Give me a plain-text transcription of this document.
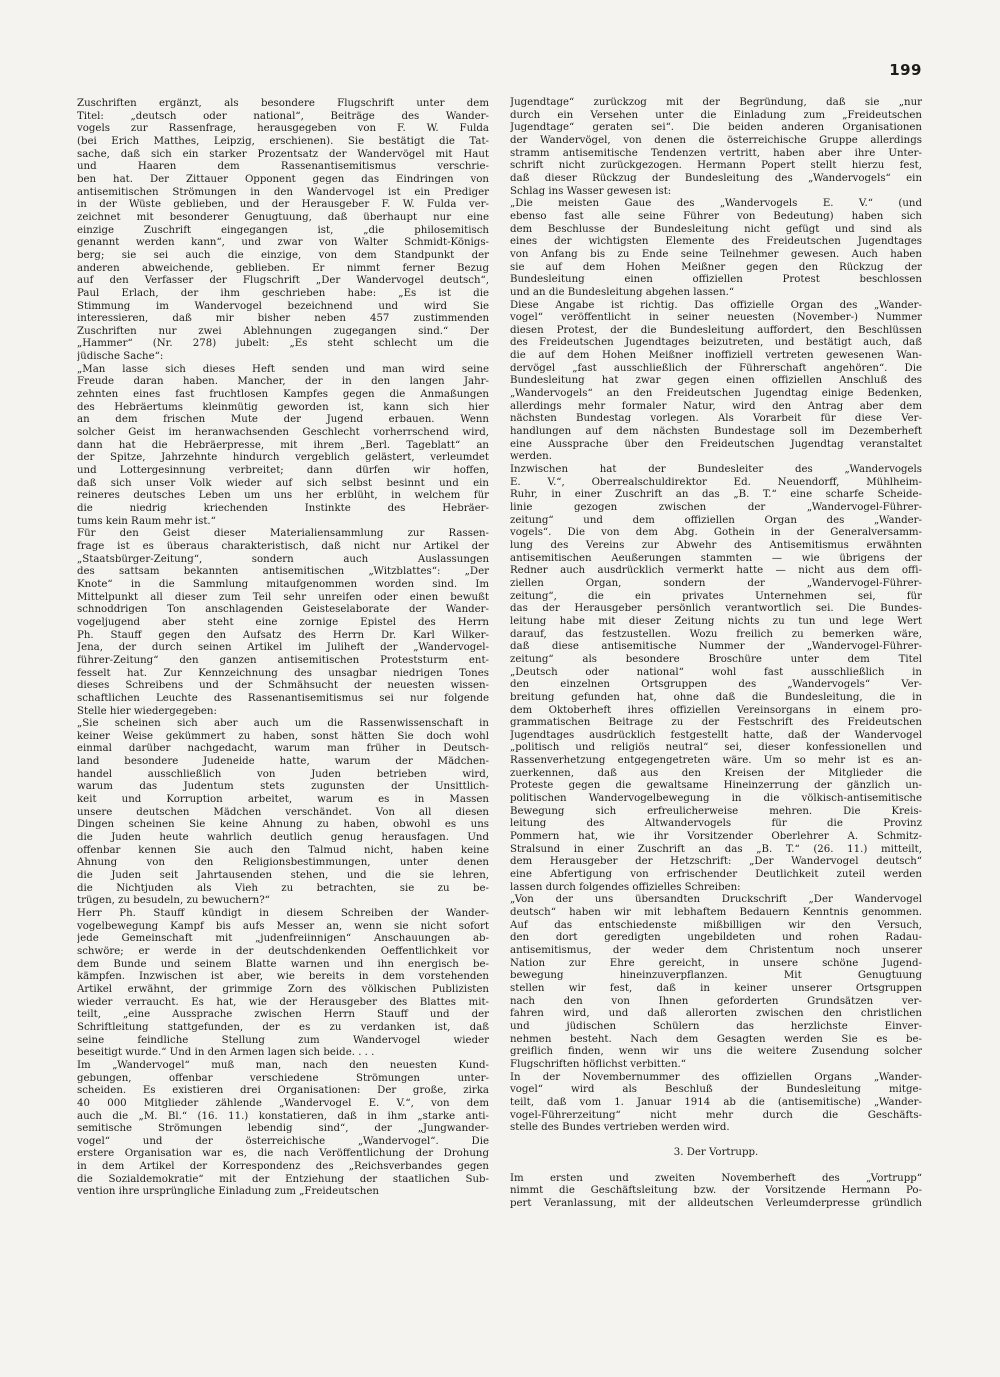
199
Zuschriften ergänzt, als besondere Flugschrift unter dem
Titel: „deutsch oder national“, Beiträge des Wander-
vogels zur Rassenfrage, herausgegeben von F. W. Fulda
(bei Erich Matthes, Leipzig, erschienen). Sie bestätigt die Tat-
sache, daß sich ein starker Prozentsatz der Wandervögel mit Haut
und Haaren dem Rassenantisemitismus verschrie-
ben hat. Der Zittauer Opponent gegen das Eindringen von
antisemitischen Strömungen in den Wandervogel ist ein Prediger
in der Wüste geblieben, und der Herausgeber F. W. Fulda ver-
zeichnet mit besonderer Genugtuung, daß überhaupt nur eine
einzige Zuschrift eingegangen ist, „die philosemitisch
genannt werden kann“, und zwar von Walter Schmidt-Königs-
berg; sie sei auch die einzige, von dem Standpunkt der
anderen abweichende, geblieben. Er nimmt ferner Bezug
auf den Verfasser der Flugschrift „Der Wandervogel deutsch“,
Paul Erlach, der ihm geschrieben habe: „Es ist die
Stimmung im Wandervogel bezeichnend und wird Sie
interessieren, daß mir bisher neben 457 zustimmenden
Zuschriften nur zwei Ablehnungen zugegangen sind.“ Der
„Hammer“ (Nr. 278) jubelt: „Es steht schlecht um die
jüdische Sache“:
„Man lasse sich dieses Heft senden und man wird seine
Freude daran haben. Mancher, der in den langen Jahr-
zehnten eines fast fruchtlosen Kampfes gegen die Anmaßungen
des Hebräertums kleinmütig geworden ist, kann sich hier
an dem frischen Mute der Jugend erbauen. Wenn
solcher Geist im heranwachsenden Geschlecht vorherrschend wird,
dann hat die Hebräerpresse, mit ihrem „Berl. Tageblatt“ an
der Spitze, Jahrzehnte hindurch vergeblich gelästert, verleumdet
und Lottergesinnung verbreitet; dann dürfen wir hoffen,
daß sich unser Volk wieder auf sich selbst besinnt und ein
reineres deutsches Leben um uns her erblüht, in welchem für
die niedrig kriechenden Instinkte des Hebräer-
tums kein Raum mehr ist.“
Für den Geist dieser Materialiensammlung zur Rassen-
frage ist es überaus charakteristisch, daß nicht nur Artikel der
„Staatsbürger-Zeitung“, sondern auch Auslassungen
des sattsam bekannten antisemitischen „Witzblattes“: „Der
Knote“ in die Sammlung mitaufgenommen worden sind. Im
Mittelpunkt all dieser zum Teil sehr unreifen oder einen bewußt
schnoddrigen Ton anschlagenden Geisteselaborate der Wander-
vogeljugend aber steht eine zornige Epistel des Herrn
Ph. Stauff gegen den Aufsatz des Herrn Dr. Karl Wilker-
Jena, der durch seinen Artikel im Juliheft der „Wandervogel-
führer-Zeitung“ den ganzen antisemitischen Proteststurm ent-
fesselt hat. Zur Kennzeichnung des unsagbar niedrigen Tones
dieses Schreibens und der Schmähsucht der neuesten wissen-
schaftlichen Leuchte des Rassenantisemitismus sei nur folgende
Stelle hier wiedergegeben:
„Sie scheinen sich aber auch um die Rassenwissenschaft in
keiner Weise gekümmert zu haben, sonst hätten Sie doch wohl
einmal darüber nachgedacht, warum man früher in Deutsch-
land besondere Judeneide hatte, warum der Mädchen-
handel ausschließlich von Juden betrieben wird,
warum das Judentum stets zugunsten der Unsittlich-
keit und Korruption arbeitet, warum es in Massen
unsere deutschen Mädchen verschändet. Von all diesen
Dingen scheinen Sie keine Ahnung zu haben, obwohl es uns
die Juden heute wahrlich deutlich genug herausfagen. Und
offenbar kennen Sie auch den Talmud nicht, haben keine
Ahnung von den Religionsbestimmungen, unter denen
die Juden seit Jahrtausenden stehen, und die sie lehren,
die Nichtjuden als Vieh zu betrachten, sie zu be-
trügen, zu besudeln, zu bewuchern?“
Herr Ph. Stauff kündigt in diesem Schreiben der Wander-
vogelbewegung Kampf bis aufs Messer an, wenn sie nicht sofort
jede Gemeinschaft mit „judenfreiinnigen“ Anschauungen ab-
schwöre; er werde in der deutschdenkenden Oeffentlichkeit vor
dem Bunde und seinem Blatte warnen und ihn energisch be-
kämpfen. Inzwischen ist aber, wie bereits in dem vorstehenden
Artikel erwähnt, der grimmige Zorn des völkischen Publizisten
wieder verraucht. Es hat, wie der Herausgeber des Blattes mit-
teilt, „eine Aussprache zwischen Herrn Stauff und der
Schriftleitung stattgefunden, der es zu verdanken ist, daß
seine feindliche Stellung zum Wandervogel wieder
beseitigt wurde.“ Und in den Armen lagen sich beide. . . .
Im „Wandervogel“ muß man, nach den neuesten Kund-
gebungen, offenbar verschiedene Strömungen unter-
scheiden. Es existieren drei Organisationen: Der große, zirka
40 000 Mitglieder zählende „Wandervogel E. V.“, von dem
auch die „M. Bl.“ (16. 11.) konstatieren, daß in ihm „starke anti-
semitische Strömungen lebendig sind“, der „Jungwander-
vogel“ und der österreichische „Wandervogel“. Die
erstere Organisation war es, die nach Veröffentlichung der Drohung
in dem Artikel der Korrespondenz des „Reichsverbandes gegen
die Sozialdemokratie“ mit der Entziehung der staatlichen Sub-
vention ihre ursprüngliche Einladung zum „Freideutschen
Jugendtage“ zurückzog mit der Begründung, daß sie „nur
durch ein Versehen unter die Einladung zum „Freideutschen
Jugendtage“ geraten sei“. Die beiden anderen Organisationen
der Wandervögel, von denen die österreichische Gruppe allerdings
stramm antisemitische Tendenzen vertritt, haben aber ihre Unter-
schrift nicht zurückgezogen. Hermann Popert stellt hierzu fest,
daß dieser Rückzug der Bundesleitung des „Wandervogels“ ein
Schlag ins Wasser gewesen ist:
„Die meisten Gaue des „Wandervogels E. V.“ (und
ebenso fast alle seine Führer von Bedeutung) haben sich
dem Beschlusse der Bundesleitung nicht gefügt und sind als
eines der wichtigsten Elemente des Freideutschen Jugendtages
von Anfang bis zu Ende seine Teilnehmer gewesen. Auch haben
sie auf dem Hohen Meißner gegen den Rückzug der
Bundesleitung einen offiziellen Protest beschlossen
und an die Bundesleitung abgehen lassen.“
Diese Angabe ist richtig. Das offizielle Organ des „Wander-
vogel“ veröffentlicht in seiner neuesten (November-) Nummer
diesen Protest, der die Bundesleitung auffordert, den Beschlüssen
des Freideutschen Jugendtages beizutreten, und bestätigt auch, daß
die auf dem Hohen Meißner inoffiziell vertreten gewesenen Wan-
dervögel „fast ausschließlich der Führerschaft angehören“. Die
Bundesleitung hat zwar gegen einen offiziellen Anschluß des
„Wandervogels“ an den Freideutschen Jugendtag einige Bedenken,
allerdings mehr formaler Natur, wird den Antrag aber dem
nächsten Bundestag vorlegen. Als Vorarbeit für diese Ver-
handlungen auf dem nächsten Bundestage soll im Dezemberheft
eine Aussprache über den Freideutschen Jugendtag veranstaltet
werden.
Inzwischen hat der Bundesleiter des „Wandervogels
E. V.“, Oberrealschuldirektor Ed. Neuendorff, Mühlheim-
Ruhr, in einer Zuschrift an das „B. T.“ eine scharfe Scheide-
linie gezogen zwischen der „Wandervogel-Führer-
zeitung“ und dem offiziellen Organ des „Wander-
vogels“. Die von dem Abg. Gothein in der Generalversamm-
lung des Vereins zur Abwehr des Antisemitismus erwähnten
antisemitischen Aeußerungen stammten — wie übrigens der
Redner auch ausdrücklich vermerkt hatte — nicht aus dem offi-
ziellen Organ, sondern der „Wandervogel-Führer-
zeitung“, die ein privates Unternehmen sei, für
das der Herausgeber persönlich verantwortlich sei. Die Bundes-
leitung habe mit dieser Zeitung nichts zu tun und lege Wert
darauf, das festzustellen. Wozu freilich zu bemerken wäre,
daß diese antisemitische Nummer der „Wandervogel-Führer-
zeitung“ als besondere Broschüre unter dem Titel
„Deutsch oder national“ wohl fast ausschließlich in
den einzelnen Ortsgruppen des „Wandervogels“ Ver-
breitung gefunden hat, ohne daß die Bundesleitung, die in
dem Oktoberheft ihres offiziellen Vereinsorgans in einem pro-
grammatischen Beitrage zu der Festschrift des Freideutschen
Jugendtages ausdrücklich festgestellt hatte, daß der Wandervogel
„politisch und religiös neutral“ sei, dieser konfessionellen und
Rassenverhetzung entgegengetreten wäre. Um so mehr ist es an-
zuerkennen, daß aus den Kreisen der Mitglieder die
Proteste gegen die gewaltsame Hineinzerrung der gänzlich un-
politischen Wandervogelbewegung in die völkisch-antisemitische
Bewegung sich erfreulicherweise mehren. Die Kreis-
leitung des Altwandervogels für die Provinz
Pommern hat, wie ihr Vorsitzender Oberlehrer A. Schmitz-
Stralsund in einer Zuschrift an das „B. T.“ (26. 11.) mitteilt,
dem Herausgeber der Hetzschrift: „Der Wandervogel deutsch“
eine Abfertigung von erfrischender Deutlichkeit zuteil werden
lassen durch folgendes offizielles Schreiben:
„Von der uns übersandten Druckschrift „Der Wandervogel
deutsch“ haben wir mit lebhaftem Bedauern Kenntnis genommen.
Auf das entschiedenste mißbilligen wir den Versuch,
den dort geredigten ungebildeten und rohen Radau-
antisemitismus, der weder dem Christentum noch unserer
Nation zur Ehre gereicht, in unsere schöne Jugend-
bewegung hineinzuverpflanzen. Mit Genugtuung
stellen wir fest, daß in keiner unserer Ortsgruppen
nach den von Ihnen geforderten Grundsätzen ver-
fahren wird, und daß allerorten zwischen den christlichen
und jüdischen Schülern das herzlichste Einver-
nehmen besteht. Nach dem Gesagten werden Sie es be-
greiflich finden, wenn wir uns die weitere Zusendung solcher
Flugschriften höflichst verbitten.“
In der Novembernummer des offiziellen Organs „Wander-
vogel“ wird als Beschluß der Bundesleitung mitge-
teilt, daß vom 1. Januar 1914 ab die (antisemitische) „Wander-
vogel-Führerzeitung“ nicht mehr durch die Geschäfts-
stelle des Bundes vertrieben werden wird.
3. Der Vortrupp.
Im ersten und zweiten Novemberheft des „Vortrupp“
nimmt die Geschäftsleitung bzw. der Vorsitzende Hermann Po-
pert Veranlassung, mit der alldeutschen Verleumderpresse gründlich
